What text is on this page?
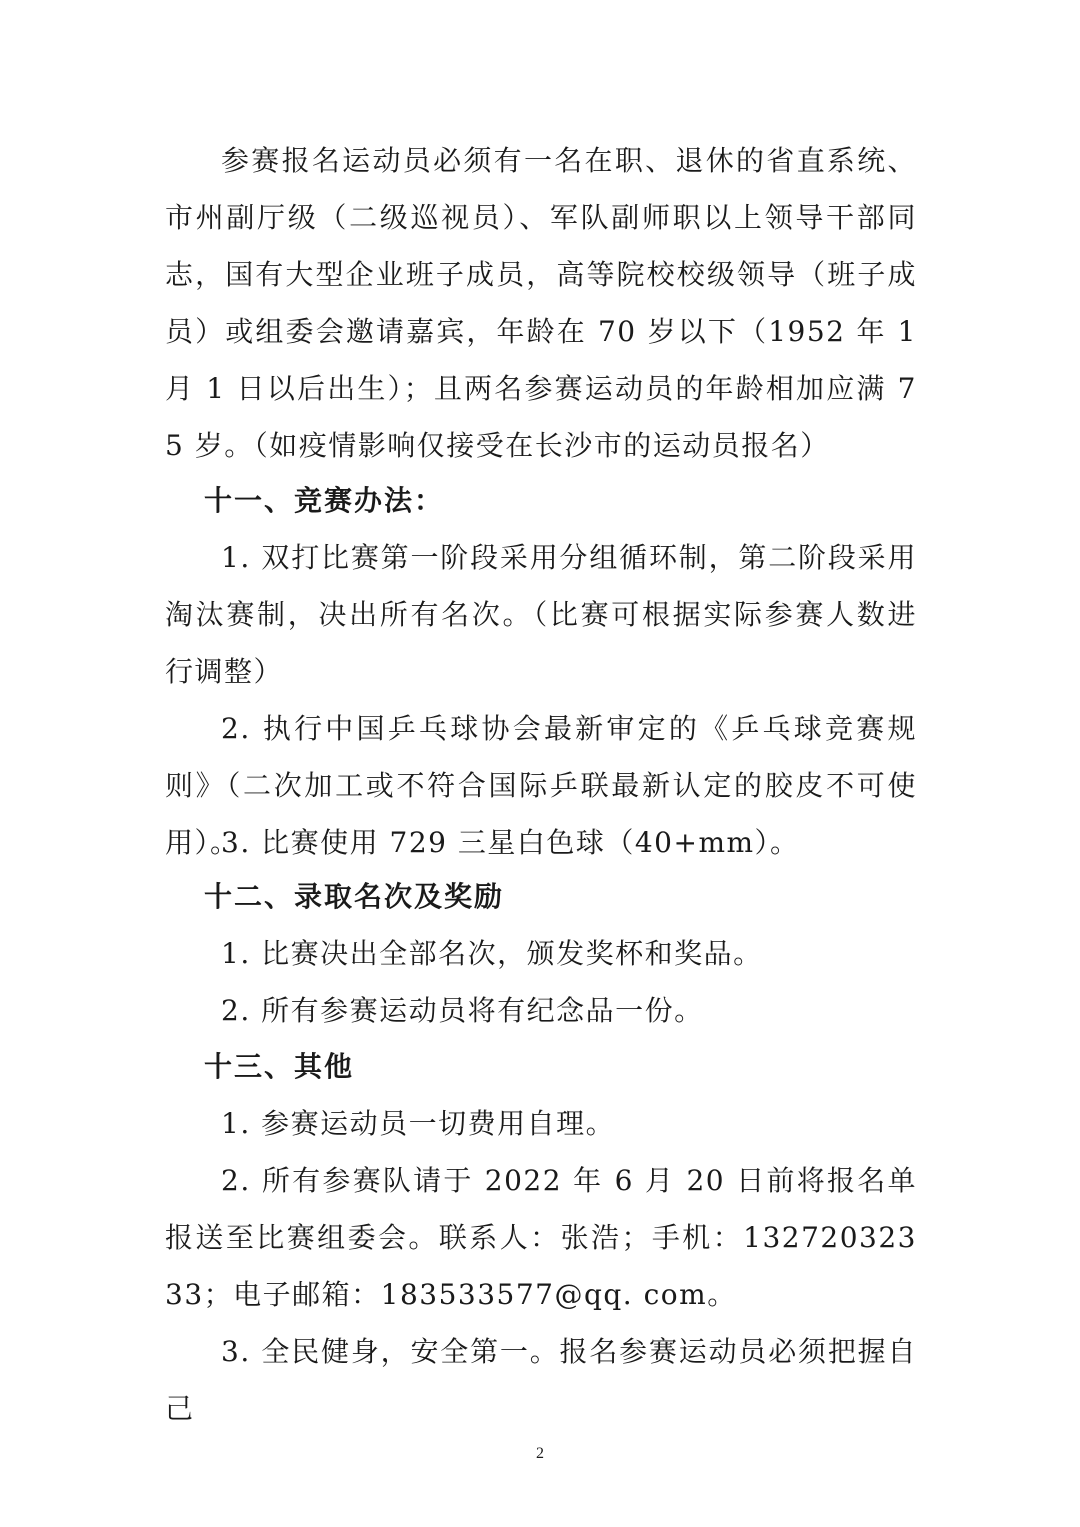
参赛报名运动员必须有一名在职、退休的省直系统、市州副厅级（二级巡视员）、军队副师职以上领导干部同志，国有大型企业班子成员，高等院校校级领导（班子成员）或组委会邀请嘉宾，年龄在 70 岁以下（1952 年 1 月 1 日以后出生）；且两名参赛运动员的年龄相加应满 75 岁。（如疫情影响仅接受在长沙市的运动员报名）

十一、竞赛办法：

1. 双打比赛第一阶段采用分组循环制，第二阶段采用淘汰赛制，决出所有名次。（比赛可根据实际参赛人数进行调整）

2. 执行中国乒乓球协会最新审定的《乒乓球竞赛规则》（二次加工或不符合国际乒联最新认定的胶皮不可使用）。

3. 比赛使用 729 三星白色球（40+mm）。

十二、录取名次及奖励

1. 比赛决出全部名次，颁发奖杯和奖品。

2. 所有参赛运动员将有纪念品一份。

十三、其他

1. 参赛运动员一切费用自理。

2. 所有参赛队请于 2022 年 6 月 20 日前将报名单报送至比赛组委会。联系人：张浩；手机：13272032333；电子邮箱：183533577@qq. com。

3. 全民健身，安全第一。报名参赛运动员必须把握自己

2
